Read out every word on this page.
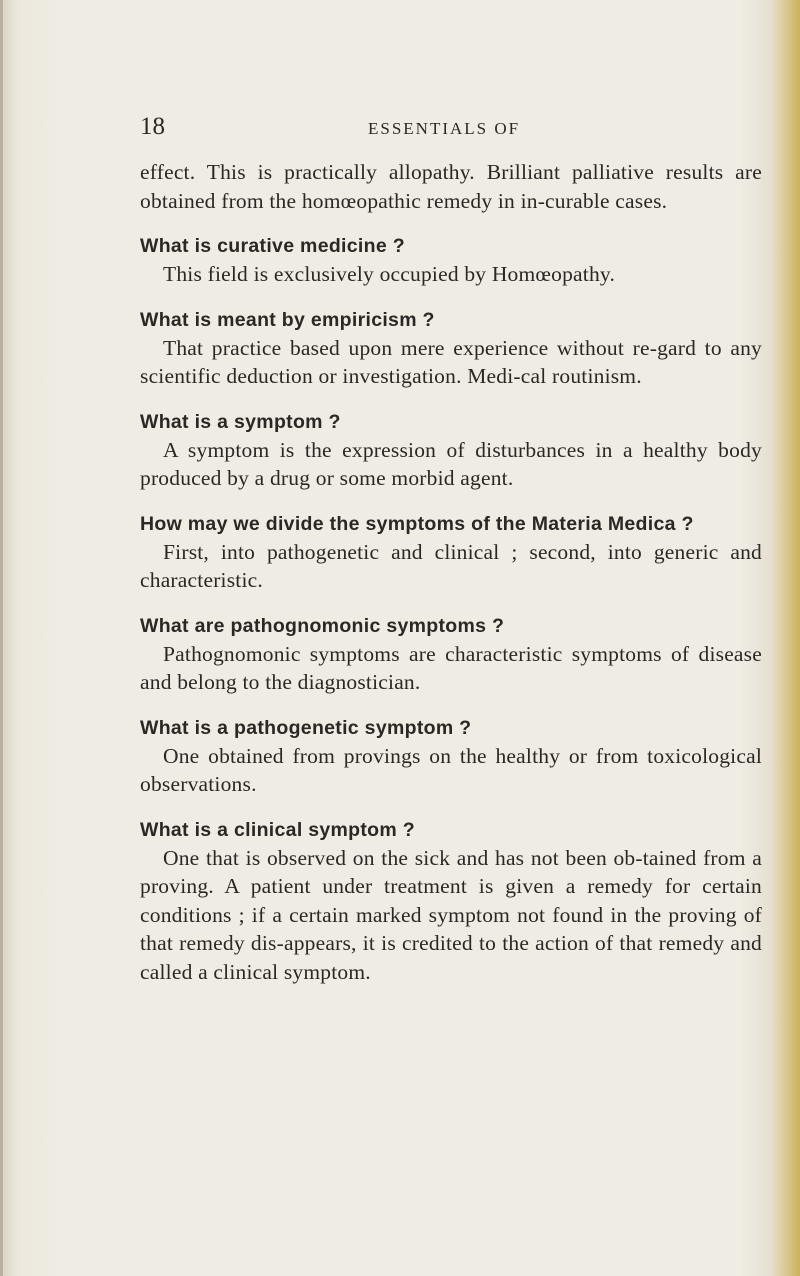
18	ESSENTIALS OF

effect. This is practically allopathy. Brilliant palliative results are obtained from the homœopathic remedy in in-curable cases.

What is curative medicine ?

This field is exclusively occupied by Homœopathy.

What is meant by empiricism ?

That practice based upon mere experience without re-gard to any scientific deduction or investigation. Medi-cal routinism.

What is a symptom ?

A symptom is the expression of disturbances in a healthy body produced by a drug or some morbid agent.

How may we divide the symptoms of the Materia Medica ?

First, into pathogenetic and clinical ; second, into generic and characteristic.

What are pathognomonic symptoms ?

Pathognomonic symptoms are characteristic symptoms of disease and belong to the diagnostician.

What is a pathogenetic symptom ?

One obtained from provings on the healthy or from toxicological observations.

What is a clinical symptom ?

One that is observed on the sick and has not been ob-tained from a proving. A patient under treatment is given a remedy for certain conditions ; if a certain marked symptom not found in the proving of that remedy dis-appears, it is credited to the action of that remedy and called a clinical symptom.
